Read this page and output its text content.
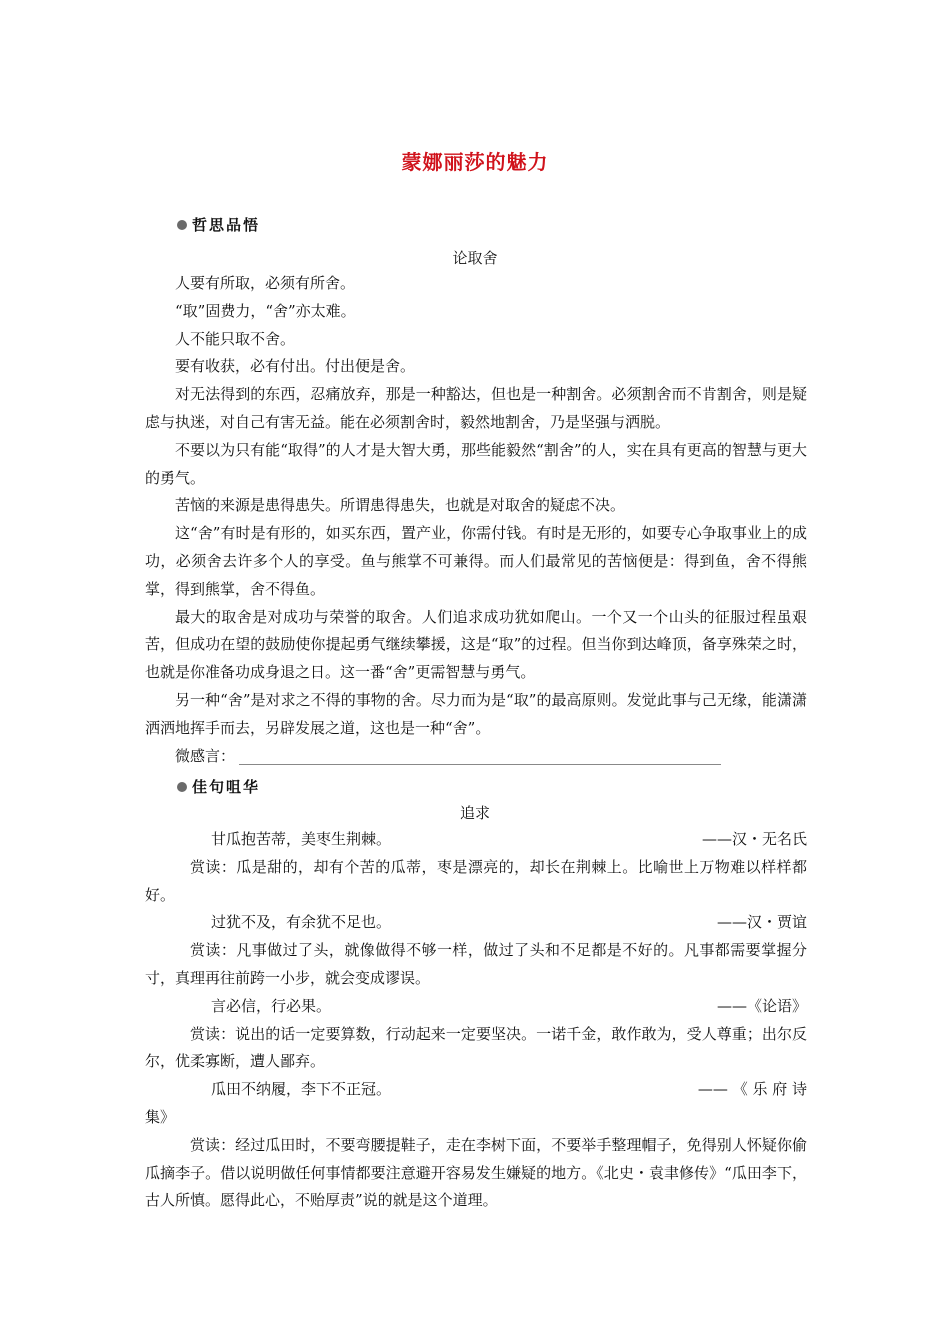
蒙娜丽莎的魅力
哲思品悟
论取舍

人要有所取，必须有所舍。

“取”固费力，“舍”亦太难。

人不能只取不舍。

要有收获，必有付出。付出便是舍。

对无法得到的东西，忍痛放弃，那是一种豁达，但也是一种割舍。必须割舍而不肯割舍，则是疑虑与执迷，对自己有害无益。能在必须割舍时，毅然地割舍，乃是坚强与洒脱。

不要以为只有能“取得”的人才是大智大勇，那些能毅然“割舍”的人，实在具有更高的智慧与更大的勇气。

苦恼的来源是患得患失。所谓患得患失，也就是对取舍的疑虑不决。

这“舍”有时是有形的，如买东西，置产业，你需付钱。有时是无形的，如要专心争取事业上的成功，必须舍去许多个人的享受。鱼与熊掌不可兼得。而人们最常见的苦恼便是：得到鱼，舍不得熊掌，得到熊掌，舍不得鱼。

最大的取舍是对成功与荣誉的取舍。人们追求成功犹如爬山。一个又一个山头的征服过程虽艰苦，但成功在望的鼓励使你提起勇气继续攀援，这是“取”的过程。但当你到达峰顶，备享殊荣之时，也就是你准备功成身退之日。这一番“舍”更需智慧与勇气。

另一种“舍”是对求之不得的事物的舍。尽力而为是“取”的最高原则。发觉此事与己无缘，能潇潇洒洒地挥手而去，另辟发展之道，这也是一种“舍”。

微感言：

佳句咀华
追求
甘瓜抱苦蒂，美枣生荆棘。	——汉・无名氏

赏读：瓜是甜的，却有个苦的瓜蒂，枣是漂亮的，却长在荆棘上。比喻世上万物难以样样都好。

过犹不及，有余犹不足也。	——汉・贾谊

赏读：凡事做过了头，就像做得不够一样，做过了头和不足都是不好的。凡事都需要掌握分寸，真理再往前跨一小步，就会变成谬误。

言必信，行必果。	——《论语》

赏读：说出的话一定要算数，行动起来一定要坚决。一诺千金，敢作敢为，受人尊重；出尔反尔，优柔寡断，遭人鄙弃。

瓜田不纳履，李下不正冠。	—— 《 乐 府 诗
集》

赏读：经过瓜田时，不要弯腰提鞋子，走在李树下面，不要举手整理帽子，免得别人怀疑你偷瓜摘李子。借以说明做任何事情都要注意避开容易发生嫌疑的地方。《北史・袁聿修传》“瓜田李下，古人所慎。愿得此心，不贻厚责”说的就是这个道理。
